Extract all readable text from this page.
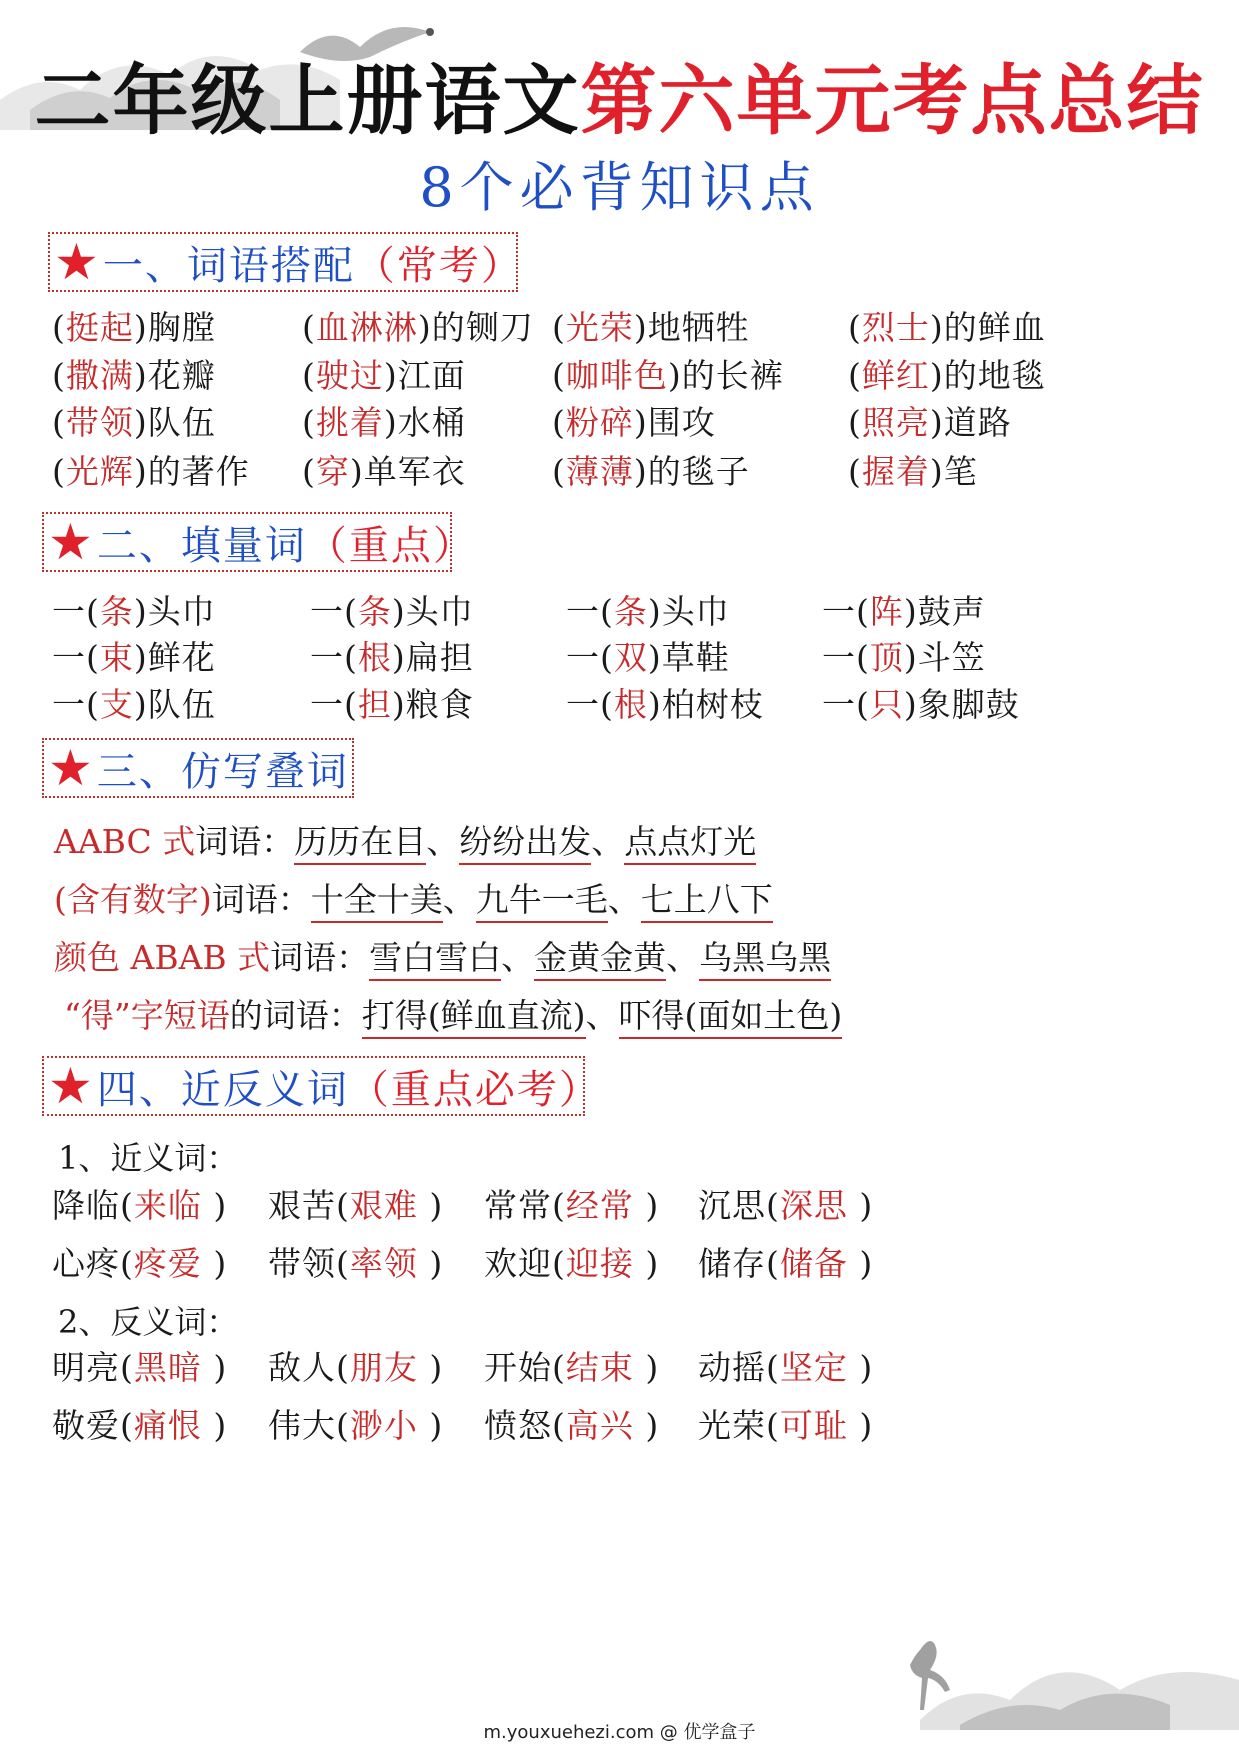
二年级上册语文第六单元考点总结
8个必背知识点
★ 一、词语搭配 （常考）
(挺起)胸膛	(血淋淋)的铡刀 (光荣)地牺牲	(烈士)的鲜血
(撒满)花瓣	(驶过)江面	(咖啡色)的长裤 (鲜红)的地毯
(带领)队伍	(挑着)水桶	(粉碎)围攻	(照亮)道路
(光辉)的著作 (穿)单军衣	(薄薄)的毯子	(握着)笔
★ 二、填量词 （重点）
一(条)头巾	一(条)头巾	一(条)头巾	一(阵)鼓声
一(束)鲜花	一(根)扁担	一(双)草鞋	一(顶)斗笠
一(支)队伍	一(担)粮食	一(根)柏树枝 一(只)象脚鼓
★ 三、仿写叠词
AABC 式词语：历历在目、纷纷出发、点点灯光
(含有数字)词语：十全十美、九牛一毛、七上八下
颜色 ABAB 式词语：雪白雪白、金黄金黄、乌黑乌黑
“得”字短语的词语：打得(鲜血直流)、吓得(面如土色)
★ 四、近反义词 （重点必考）
1、近义词：
降临(来临 ) 艰苦(艰难 ) 常常(经常 ) 沉思(深思 )
心疼(疼爱 ) 带领(率领 ) 欢迎(迎接 ) 储存(储备 )
2、反义词：
明亮(黑暗 ) 敌人(朋友 ) 开始(结束 ) 动摇(坚定 )
敬爱(痛恨 ) 伟大(渺小 ) 愤怒(高兴 ) 光荣(可耻 )
m.youxuehezi.com @ 优学盒子
